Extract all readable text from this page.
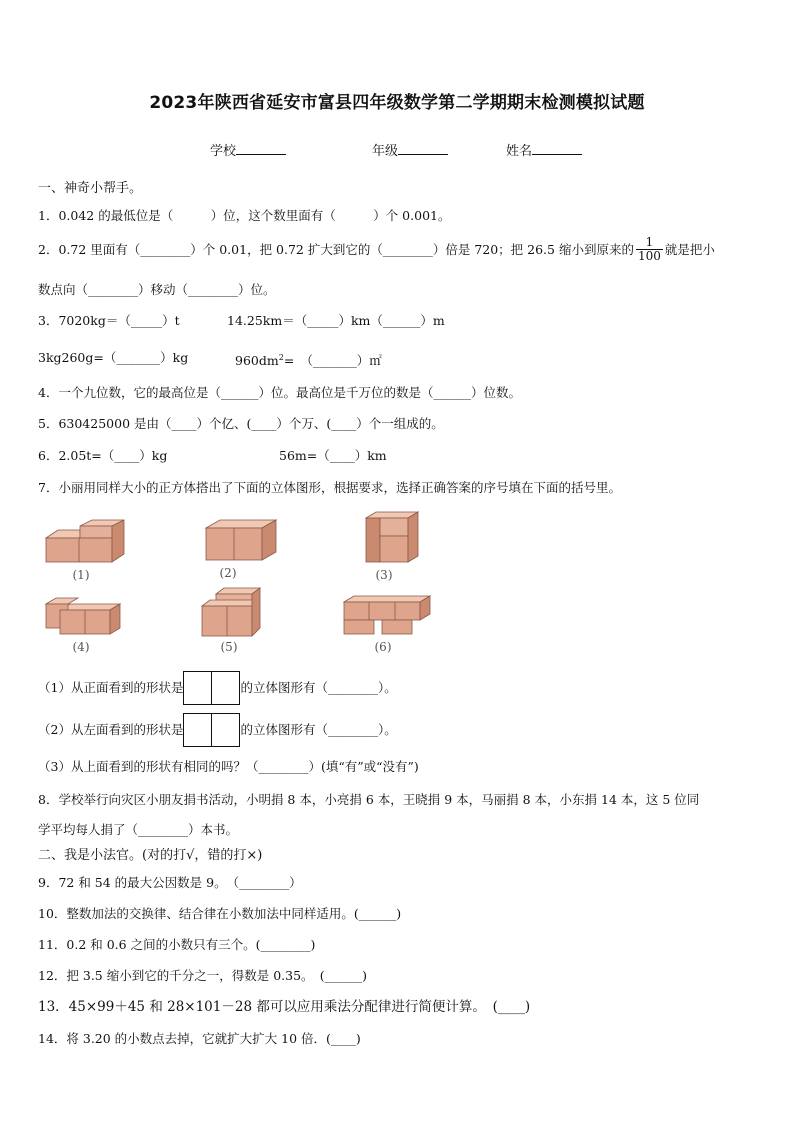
2023年陕西省延安市富县四年级数学第二学期期末检测模拟试题
学校	年级	姓名
一、神奇小帮手。
1．0.042 的最低位是（　　　）位，这个数里面有（　　　）个 0.001。
2．0.72 里面有（________）个 0.01，把 0.72 扩大到它的（________）倍是 720；把 26.5 缩小到原来的 $\frac{1}{100}$ 就是把小
数点向（________）移动（________）位。
3．7020kg＝（_____）t	14.25km＝（_____）km（______）m
3kg260g=（_______）kg	$960dm^2=$　（_______）㎡
4．一个九位数，它的最高位是（______）位。最高位是千万位的数是（______）位数。
5．630425000 是由（____）个亿、(____）个万、(____）个一组成的。
6．2.05t=（____）kg	56m=（____）km
7．小丽用同样大小的正方体搭出了下面的立体图形，根据要求，选择正确答案的序号填在下面的括号里。
(1)	(2)	(3)
(4)	(5)	(6)
（1）从正面看到的形状是	的立体图形有（________）。
（2）从左面看到的形状是	的立体图形有（________）。
（3）从上面看到的形状有相同的吗？（________）(填“有”或“没有”)
8．学校举行向灾区小朋友捐书活动，小明捐 8 本，小亮捐 6 本，王晓捐 9 本，马丽捐 8 本，小东捐 14 本，这 5 位同
学平均每人捐了（________）本书。
二、我是小法官。(对的打√，错的打×)
9．72 和 54 的最大公因数是 9。　（________）
10．整数加法的交换律、结合律在小数加法中同样适用。(______)
11．0.2 和 0.6 之间的小数只有三个。(________)
12．把 3.5 缩小到它的千分之一，得数是 0.35。　(______)
13．45×99＋45 和 28×101－28 都可以应用乘法分配律进行简便计算。　(____)
14．将 3.20 的小数点去掉，它就扩大扩大 10 倍．(____)
